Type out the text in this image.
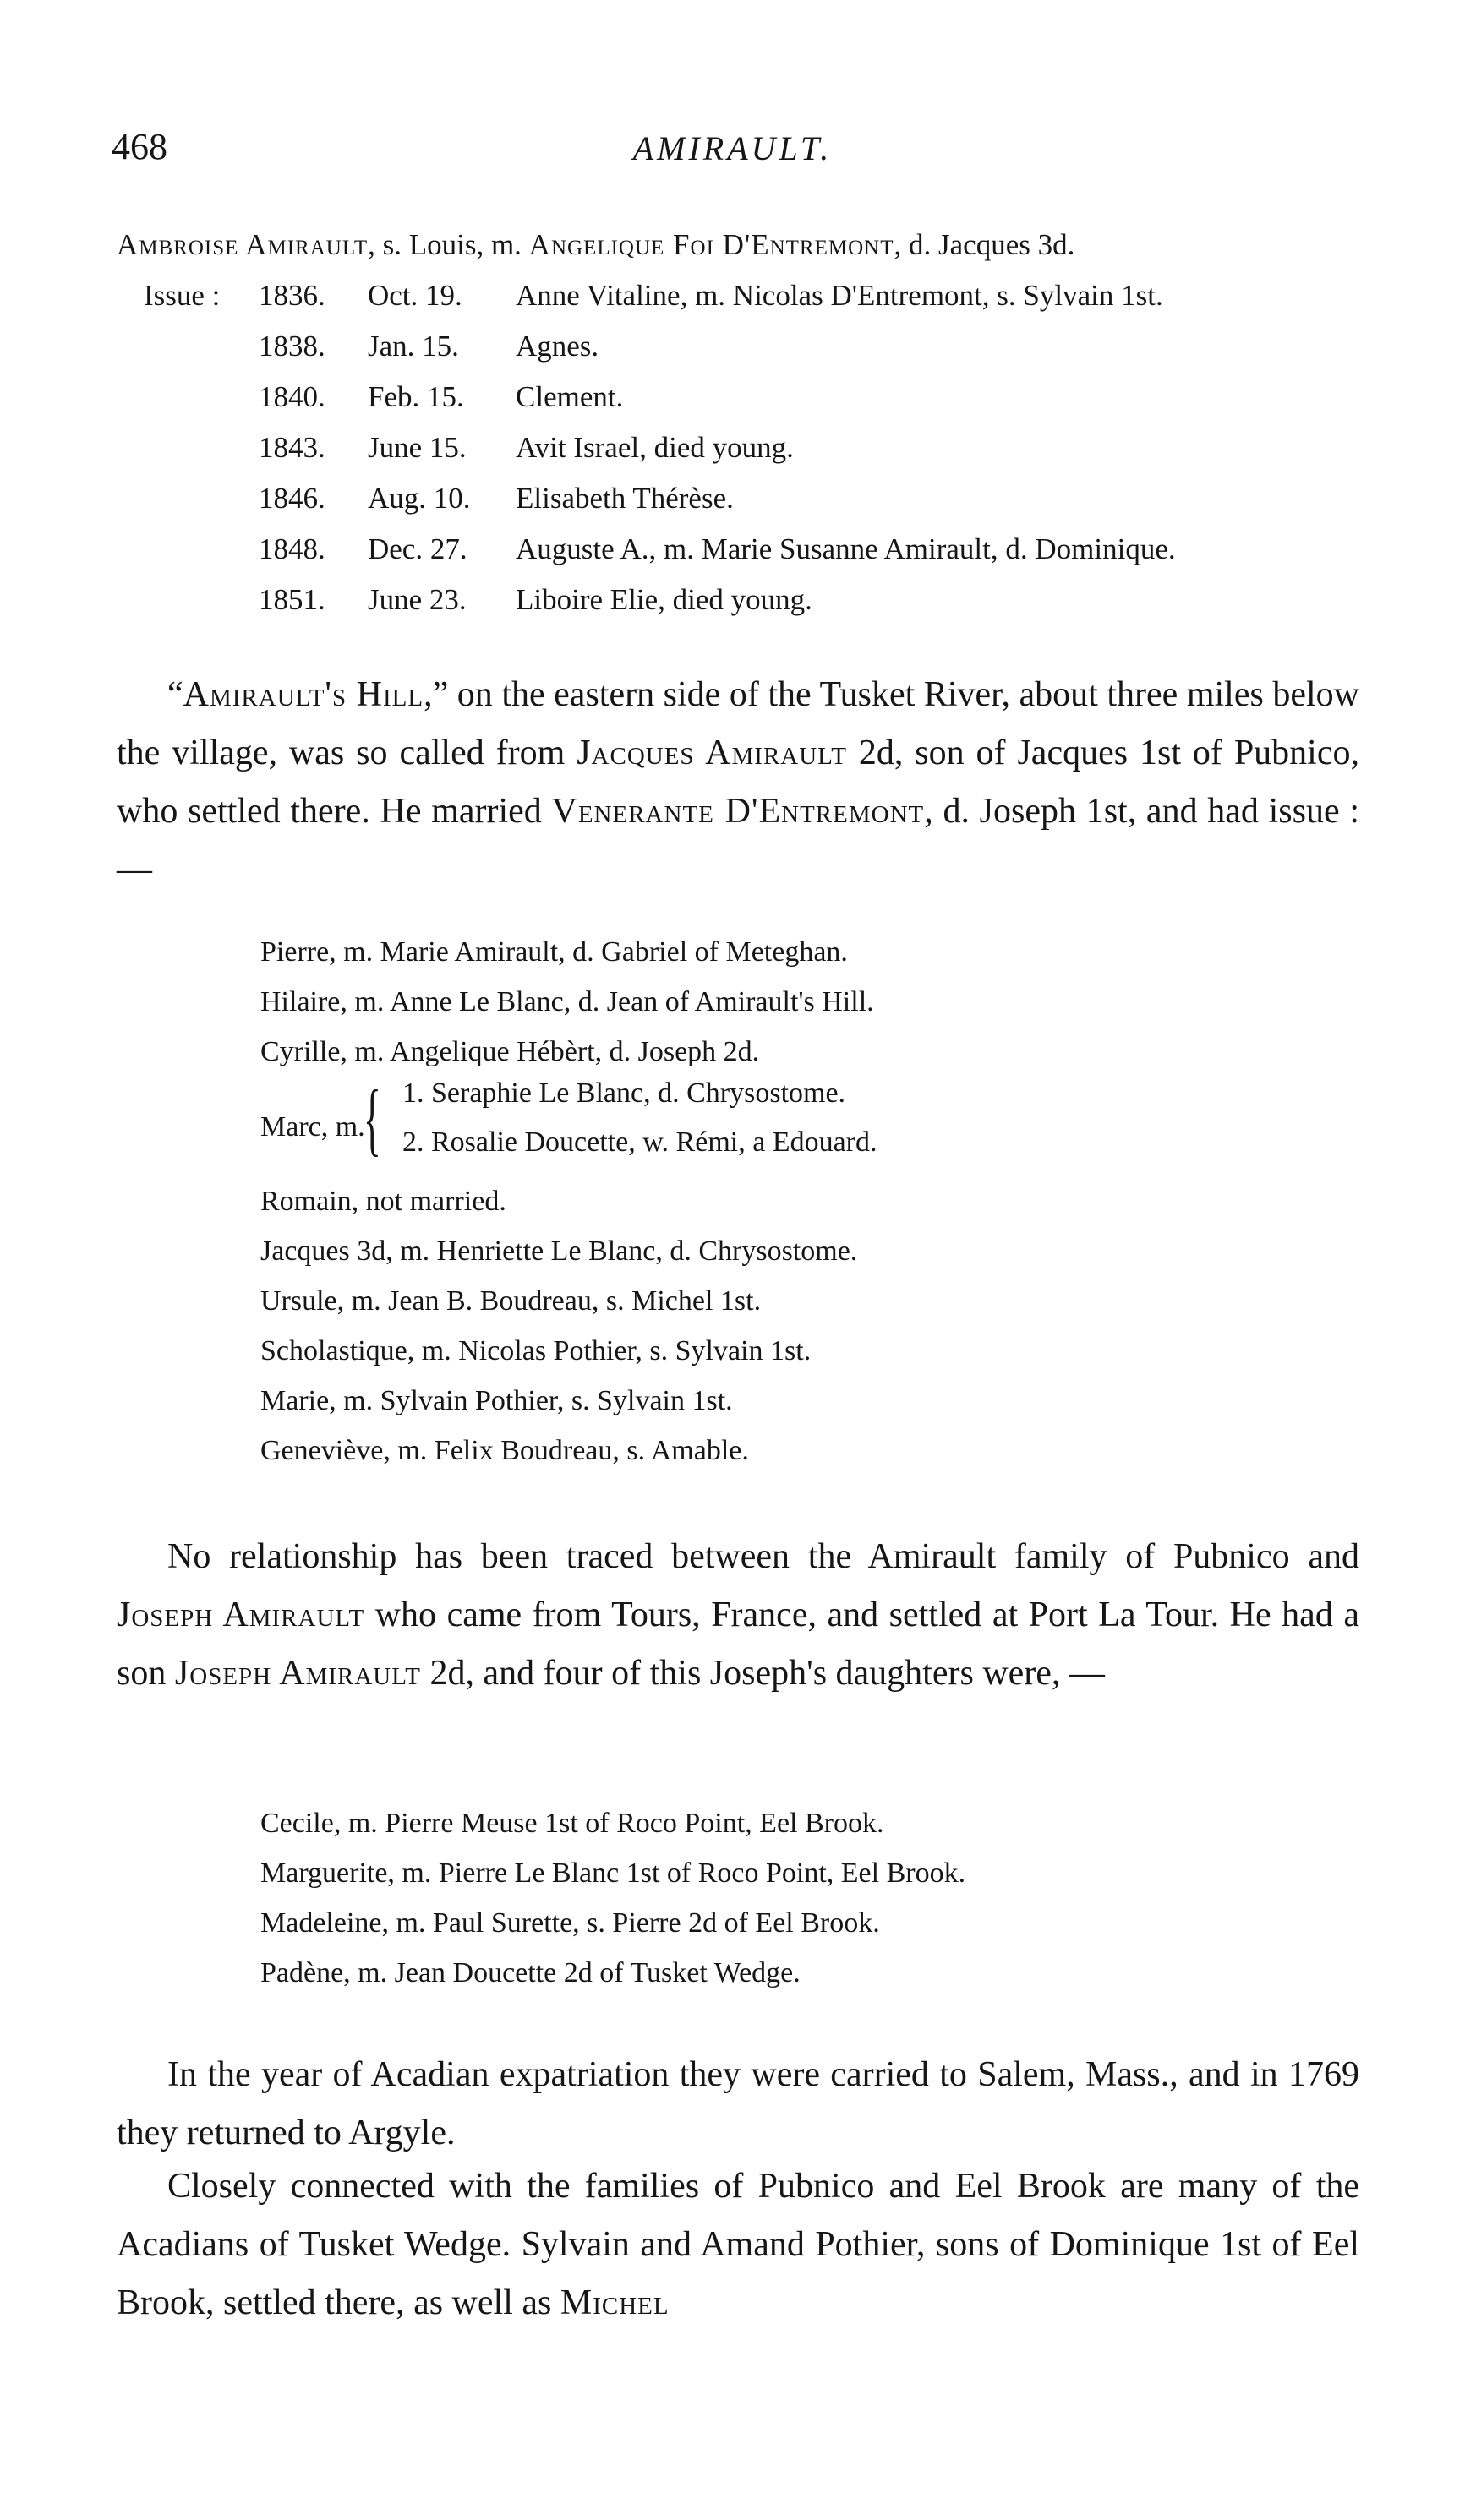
468	AMIRAULT.
Ambroise Amirault, s. Louis, m. Angelique Foi D'Entremont, d. Jacques 3d.
Issue : 1836. Oct. 19. Anne Vitaline, m. Nicolas D'Entremont, s. Sylvain 1st.
1838. Jan. 15. Agnes.
1840. Feb. 15. Clement.
1843. June 15. Avit Israel, died young.
1846. Aug. 10. Elisabeth Thérèse.
1848. Dec. 27. Auguste A., m. Marie Susanne Amirault, d. Dominique.
1851. June 23. Liboire Elie, died young.

“Amirault's Hill,” on the eastern side of the Tusket River, about three miles below the village, was so called from Jacques Amirault 2d, son of Jacques 1st of Pubnico, who settled there. He married Venerante D'Entremont, d. Joseph 1st, and had issue : —

Pierre, m. Marie Amirault, d. Gabriel of Meteghan.
Hilaire, m. Anne Le Blanc, d. Jean of Amirault's Hill.
Cyrille, m. Angelique Hébèrt, d. Joseph 2d.
Marc, m.
{ 1. Seraphie Le Blanc, d. Chrysostome.
2. Rosalie Doucette, w. Rémi, a Edouard.
Romain, not married.
Jacques 3d, m. Henriette Le Blanc, d. Chrysostome.
Ursule, m. Jean B. Boudreau, s. Michel 1st.
Scholastique, m. Nicolas Pothier, s. Sylvain 1st.
Marie, m. Sylvain Pothier, s. Sylvain 1st.
Geneviève, m. Felix Boudreau, s. Amable.

No relationship has been traced between the Amirault family of Pubnico and Joseph Amirault who came from Tours, France, and settled at Port La Tour. He had a son Joseph Amirault 2d, and four of this Joseph's daughters were, —

Cecile, m. Pierre Meuse 1st of Roco Point, Eel Brook.
Marguerite, m. Pierre Le Blanc 1st of Roco Point, Eel Brook.
Madeleine, m. Paul Surette, s. Pierre 2d of Eel Brook.
Padène, m. Jean Doucette 2d of Tusket Wedge.

In the year of Acadian expatriation they were carried to Salem, Mass., and in 1769 they returned to Argyle.

Closely connected with the families of Pubnico and Eel Brook are many of the Acadians of Tusket Wedge. Sylvain and Amand Pothier, sons of Dominique 1st of Eel Brook, settled there, as well as Michel
